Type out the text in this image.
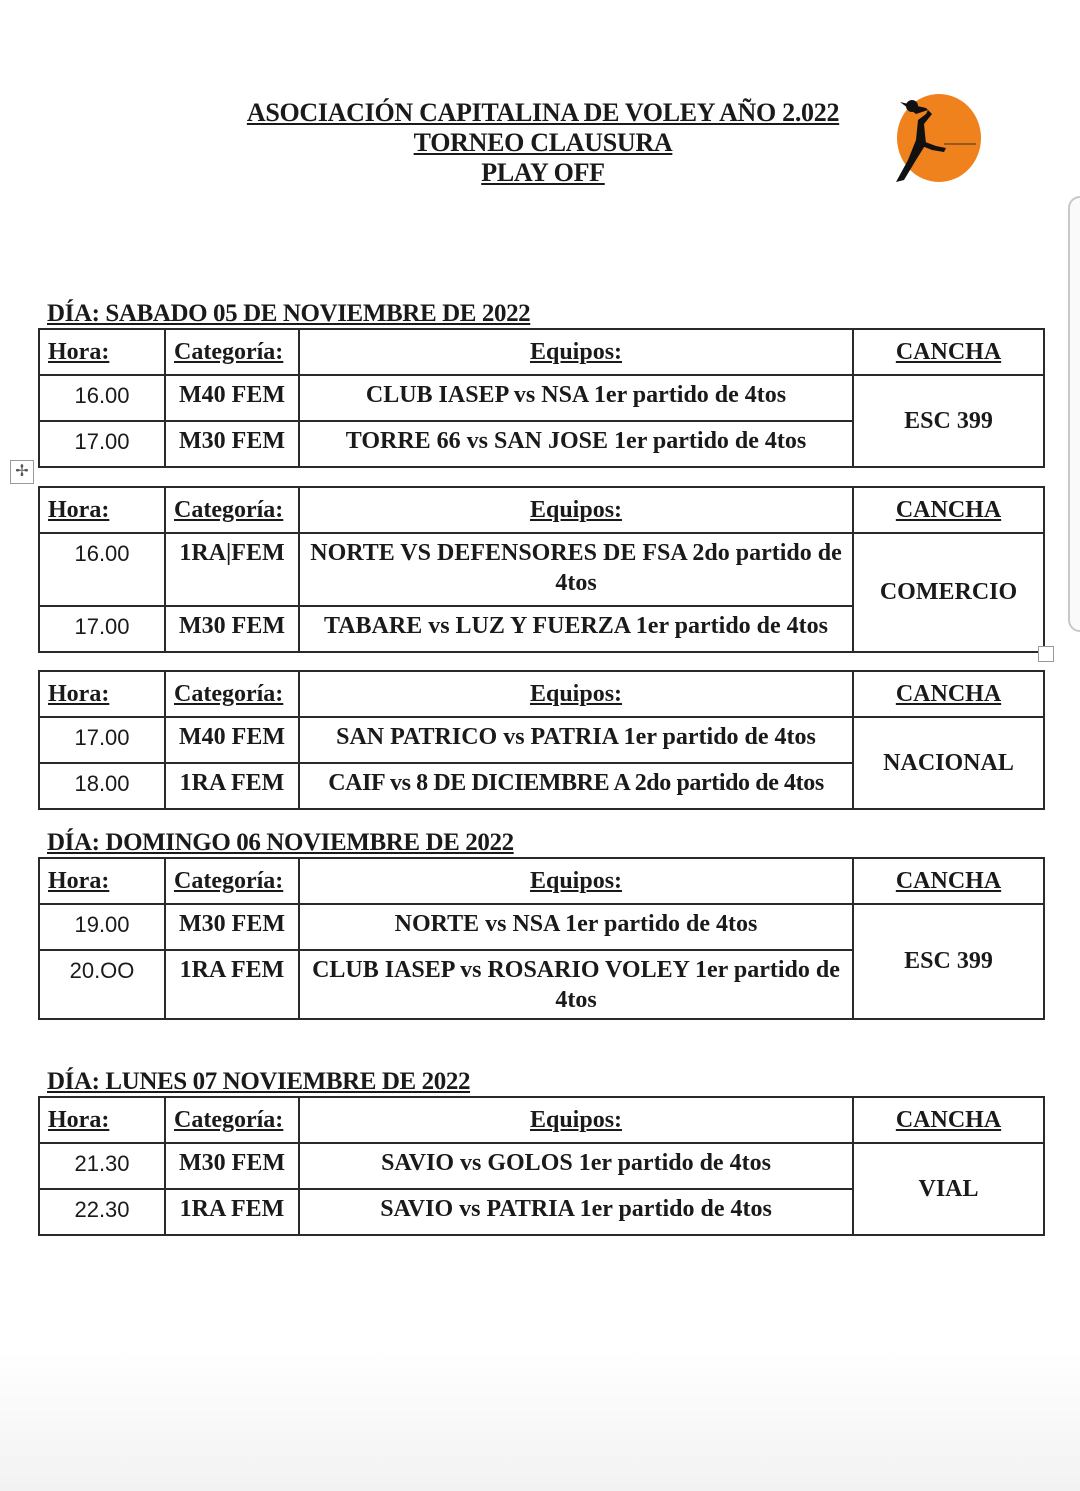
ASOCIACIÓN CAPITALINA DE VOLEY AÑO 2.022
TORNEO CLAUSURA
PLAY OFF
DÍA: SABADO 05 DE NOVIEMBRE DE 2022
Hora:	Categoría:	Equipos:	CANCHA
16.00	M40 FEM	CLUB IASEP vs NSA 1er partido de 4tos	ESC 399
17.00	M30 FEM	TORRE 66 vs SAN JOSE 1er partido de 4tos	
✢
Hora:	Categoría:	Equipos:	CANCHA
16.00	1RA|FEM	NORTE VS DEFENSORES DE FSA 2do partido de 4tos	COMERCIO
17.00	M30 FEM	TABARE vs LUZ Y FUERZA 1er partido de 4tos	
Hora:	Categoría:	Equipos:	CANCHA
17.00	M40 FEM	SAN PATRICO vs PATRIA 1er partido de 4tos	NACIONAL
18.00	1RA FEM	CAIF vs 8 DE DICIEMBRE A 2do partido de 4tos	
DÍA: DOMINGO 06 NOVIEMBRE DE 2022
Hora:	Categoría:	Equipos:	CANCHA
19.00	M30 FEM	NORTE vs NSA 1er partido de 4tos	ESC 399
20.OO	1RA FEM	CLUB IASEP vs ROSARIO VOLEY 1er partido de 4tos	
DÍA: LUNES 07 NOVIEMBRE DE 2022
Hora:	Categoría:	Equipos:	CANCHA
21.30	M30 FEM	SAVIO vs GOLOS 1er partido de 4tos	VIAL
22.30	1RA FEM	SAVIO vs PATRIA 1er partido de 4tos	
